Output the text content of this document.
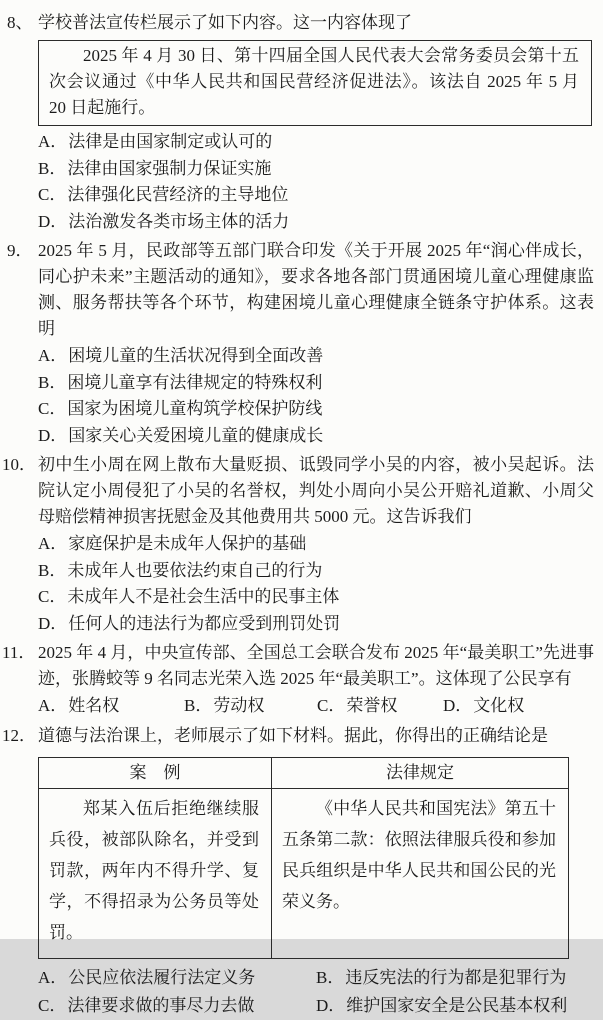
8、 学校普法宣传栏展示了如下内容。这一内容体现了

2025 年 4 月 30 日、第十四届全国人民代表大会常务委员会第十五次会议通过《中华人民共和国民营经济促进法》。该法自 2025 年 5 月 20 日起施行。

A．法律是由国家制定或认可的
B．法律由国家强制力保证实施
C．法律强化民营经济的主导地位
D．法治激发各类市场主体的活力
9． 2025 年 5 月，民政部等五部门联合印发《关于开展 2025 年“润心伴成长，同心护未来”主题活动的通知》，要求各地各部门贯通困境儿童心理健康监测、服务帮扶等各个环节，构建困境儿童心理健康全链条守护体系。这表明

A．困境儿童的生活状况得到全面改善
B．困境儿童享有法律规定的特殊权利
C．国家为困境儿童构筑学校保护防线
D．国家关心关爱困境儿童的健康成长
10． 初中生小周在网上散布大量贬损、诋毁同学小吴的内容，被小吴起诉。法院认定小周侵犯了小吴的名誉权，判处小周向小吴公开赔礼道歉、小周父母赔偿精神损害抚慰金及其他费用共 5000 元。这告诉我们

A．家庭保护是未成年人保护的基础
B．未成年人也要依法约束自己的行为
C．未成年人不是社会生活中的民事主体
D．任何人的违法行为都应受到刑罚处罚
11． 2025 年 4 月，中央宣传部、全国总工会联合发布 2025 年“最美职工”先进事迹，张腾蛟等 9 名同志光荣入选 2025 年“最美职工”。这体现了公民享有

A．姓名权	B．劳动权	C．荣誉权	D．文化权
12． 道德与法治课上，老师展示了如下材料。据此，你得出的正确结论是

案　例	法律规定

郑某入伍后拒绝继续服兵役，被部队除名，并受到罚款，两年内不得升学、复学，不得招录为公务员等处罚。	《中华人民共和国宪法》第五十五条第二款：依照法律服兵役和参加民兵组织是中华人民共和国公民的光荣义务。

A．公民应依法履行法定义务	B．违反宪法的行为都是犯罪行为
C．法律要求做的事尽力去做	D．维护国家安全是公民基本权利
